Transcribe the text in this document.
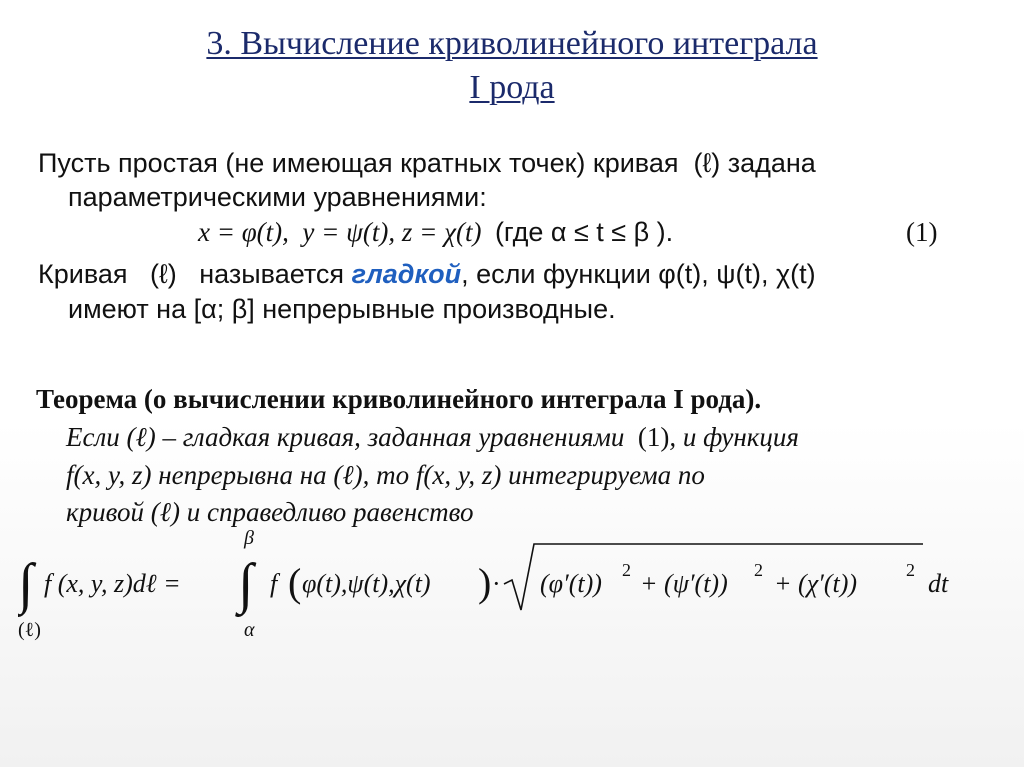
3. Вычисление криволинейного интеграла
I рода
Пусть простая (не имеющая кратных точек) кривая (ℓ) задана
параметрическими уравнениями:
x = φ(t), y = ψ(t), z = χ(t) (где α ≤ t ≤ β ).	(1)
Кривая (ℓ) называется гладкой, если функции φ(t), ψ(t), χ(t)
имеют на [α; β] непрерывные производные.
Теорема (о вычислении криволинейного интеграла I рода).
Если (ℓ) – гладкая кривая, заданная уравнениями (1), и функция
f(x, y, z) непрерывна на (ℓ), то f(x, y, z) интегрируема по
кривой (ℓ) и справедливо равенство
∫
(ℓ)
f (x, y, z)dℓ =
β
∫
α
f ( φ(t),ψ(t),χ(t) ) · (φ′(t)) 2 + (ψ′(t)) 2 + (χ′(t))	2 dt
